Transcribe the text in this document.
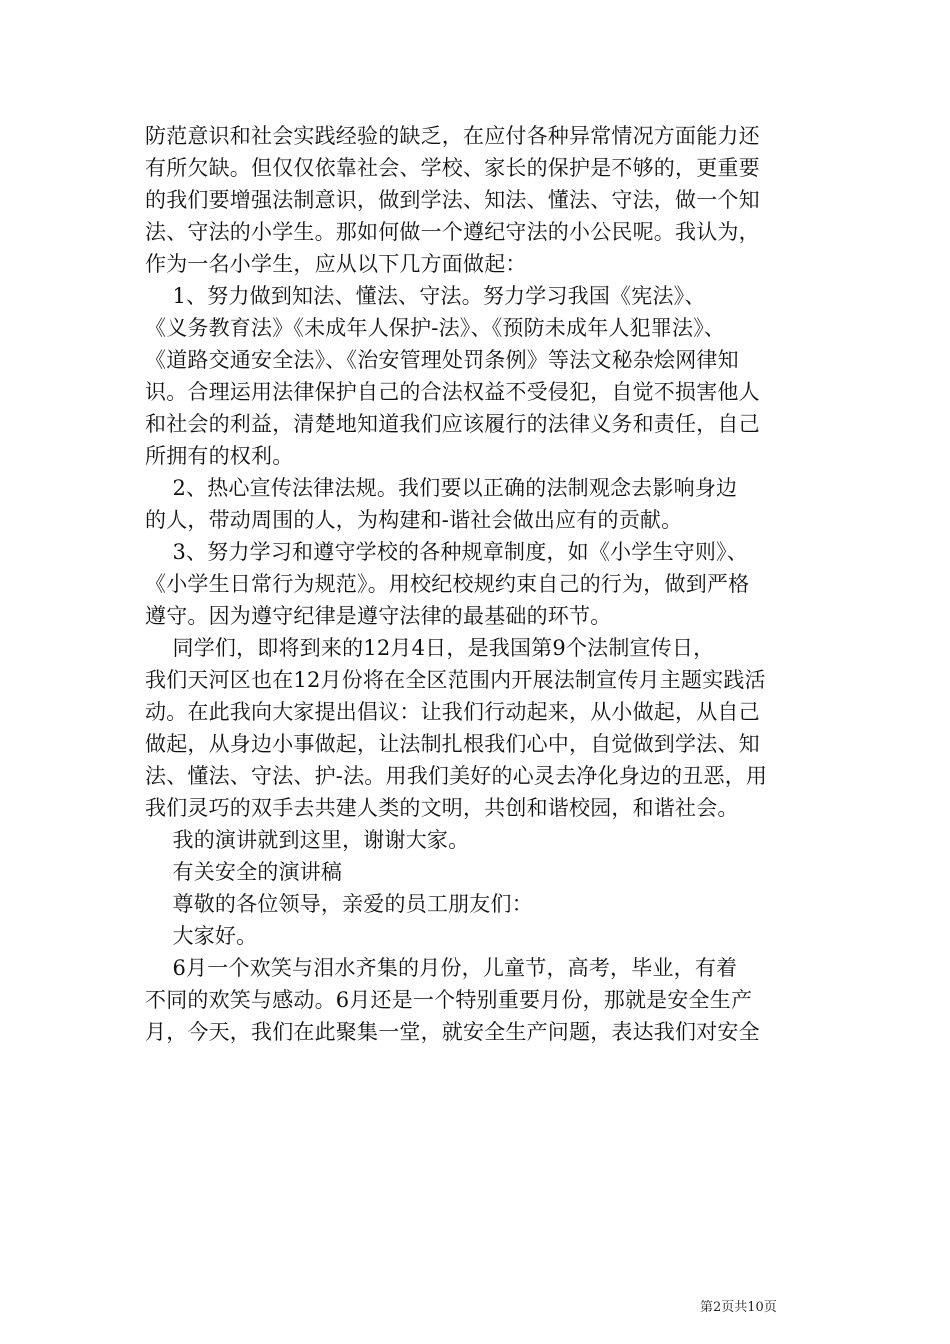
防范意识和社会实践经验的缺乏，在应付各种异常情况方面能力还
有所欠缺。但仅仅依靠社会、学校、家长的保护是不够的，更重要
的我们要增强法制意识，做到学法、知法、懂法、守法，做一个知
法、守法的小学生。那如何做一个遵纪守法的小公民呢。我认为，
作为一名小学生，应从以下几方面做起：
1、努力做到知法、懂法、守法。努力学习我国《宪法》、
《义务教育法》《未成年人保护-法》、《预防未成年人犯罪法》、
《道路交通安全法》、《治安管理处罚条例》等法文秘杂烩网律知
识。合理运用法律保护自己的合法权益不受侵犯，自觉不损害他人
和社会的利益，清楚地知道我们应该履行的法律义务和责任，自己
所拥有的权利。
2、热心宣传法律法规。我们要以正确的法制观念去影响身边
的人，带动周围的人，为构建和-谐社会做出应有的贡献。
3、努力学习和遵守学校的各种规章制度，如《小学生守则》、
《小学生日常行为规范》。用校纪校规约束自己的行为，做到严格
遵守。因为遵守纪律是遵守法律的最基础的环节。
同学们，即将到来的12月4日，是我国第9个法制宣传日，
我们天河区也在12月份将在全区范围内开展法制宣传月主题实践活
动。在此我向大家提出倡议：让我们行动起来，从小做起，从自己
做起，从身边小事做起，让法制扎根我们心中，自觉做到学法、知
法、懂法、守法、护-法。用我们美好的心灵去净化身边的丑恶，用
我们灵巧的双手去共建人类的文明，共创和谐校园，和谐社会。
我的演讲就到这里，谢谢大家。
有关安全的演讲稿
尊敬的各位领导，亲爱的员工朋友们：
大家好。
6月一个欢笑与泪水齐集的月份，儿童节，高考，毕业，有着
不同的欢笑与感动。6月还是一个特别重要月份，那就是安全生产
月，今天，我们在此聚集一堂，就安全生产问题，表达我们对安全
第2页共10页
